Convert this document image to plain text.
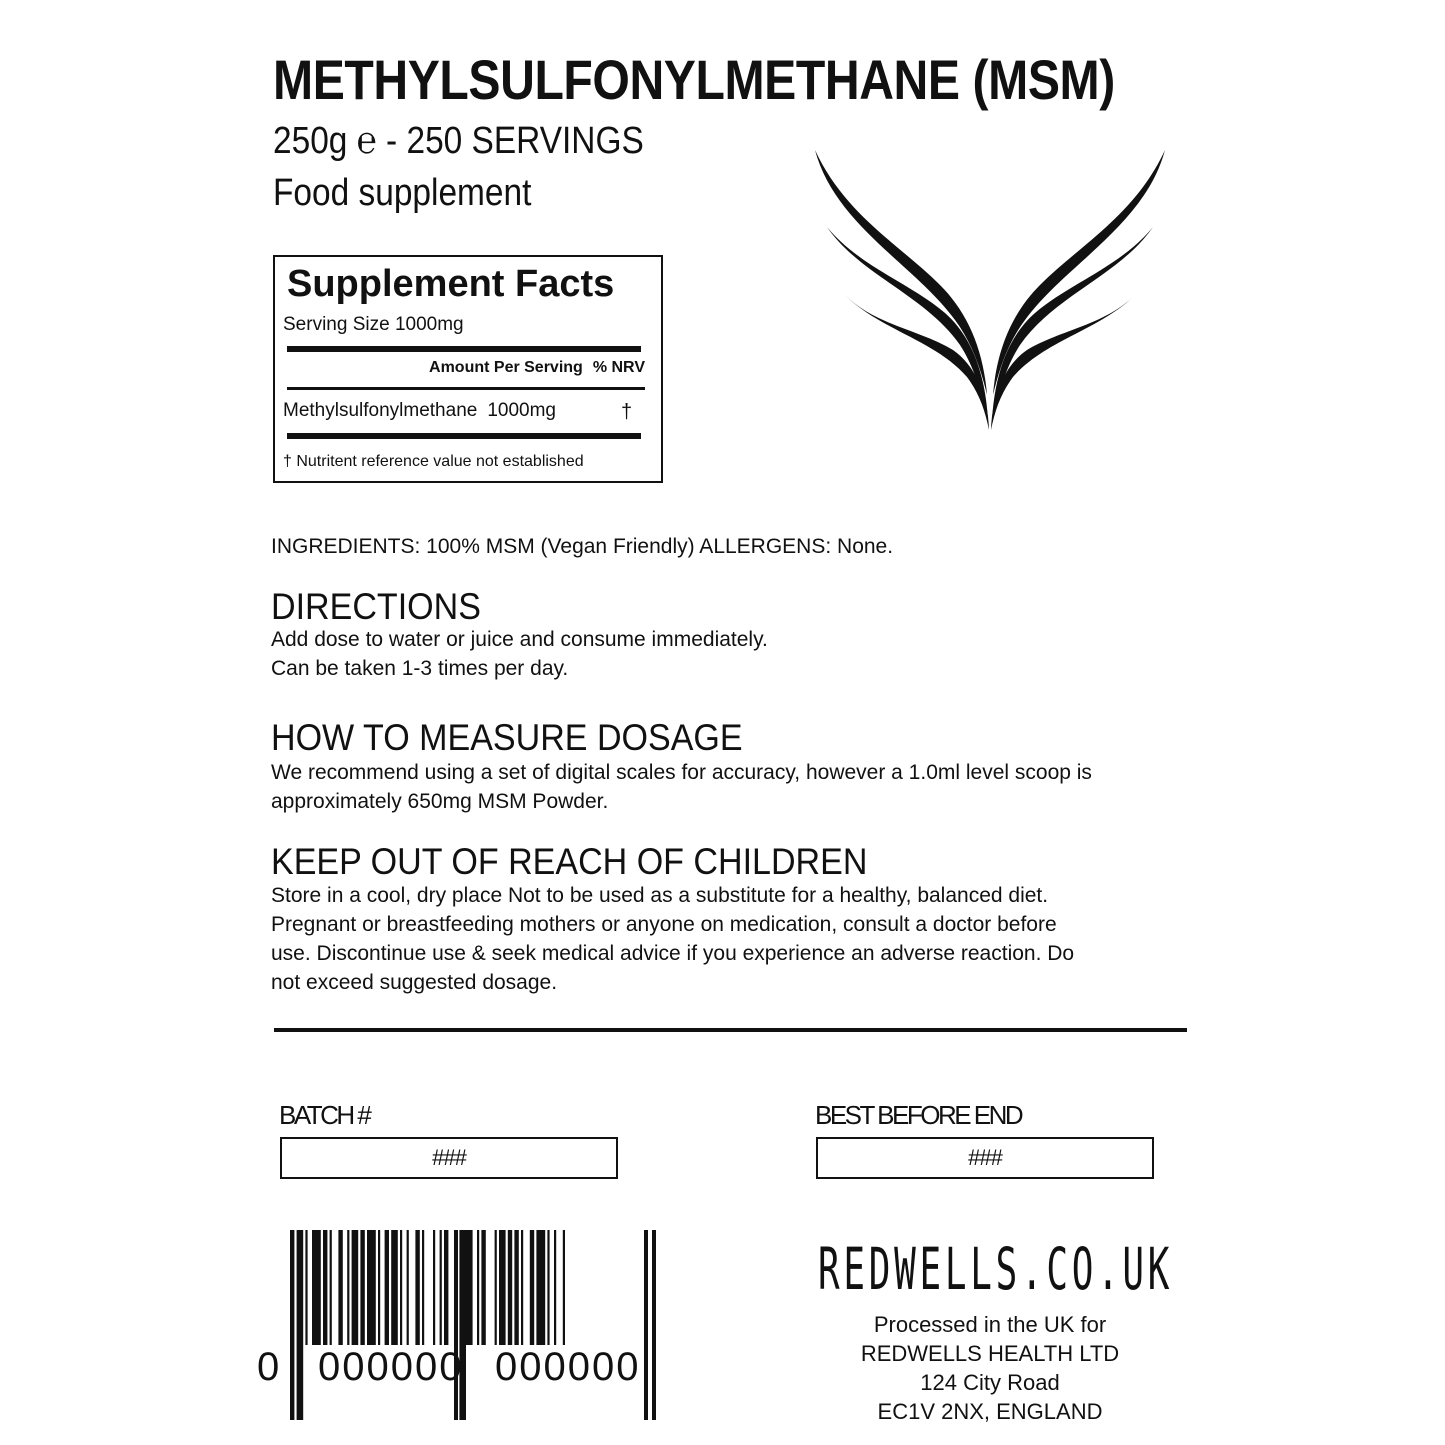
METHYLSULFONYLMETHANE (MSM)
250g ℮ - 250 SERVINGS
Food supplement
Supplement Facts
Serving Size 1000mg
Amount Per Serving % NRV
Methylsulfonylmethane 1000mg	†
† Nutritent reference value not established
INGREDIENTS: 100% MSM (Vegan Friendly) ALLERGENS: None.
DIRECTIONS
Add dose to water or juice and consume immediately.
Can be taken 1-3 times per day.
HOW TO MEASURE DOSAGE
We recommend using a set of digital scales for accuracy, however a 1.0ml level scoop is
approximately 650mg MSM Powder.
KEEP OUT OF REACH OF CHILDREN
Store in a cool, dry place Not to be used as a substitute for a healthy, balanced diet.
Pregnant or breastfeeding mothers or anyone on medication, consult a doctor before
use. Discontinue use & seek medical advice if you experience an adverse reaction. Do
not exceed suggested dosage.
BATCH #
###
BEST BEFORE END
###
0 000000 000000
REDWELLS.CO.UK
Processed in the UK for
REDWELLS HEALTH LTD
124 City Road
EC1V 2NX, ENGLAND
